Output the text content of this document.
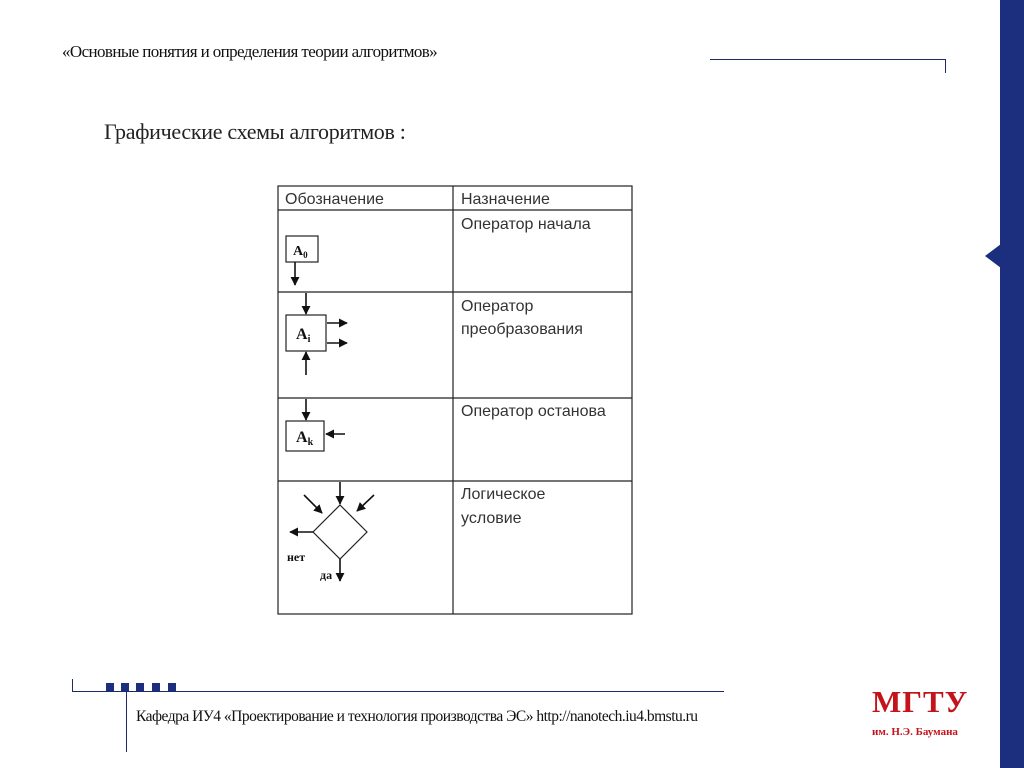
«Основные понятия и определения теории алгоритмов»
Графические схемы алгоритмов :
Обозначение	Назначение
$A_0$
Оператор начала
Ai
Оператор
преобразования
Ak
Оператор останова
нет
да
Логическое
условие
Кафедра ИУ4 «Проектирование и технология производства ЭС» http://nanotech.iu4.bmstu.ru	МГТУ
им. Н.Э. Баумана
